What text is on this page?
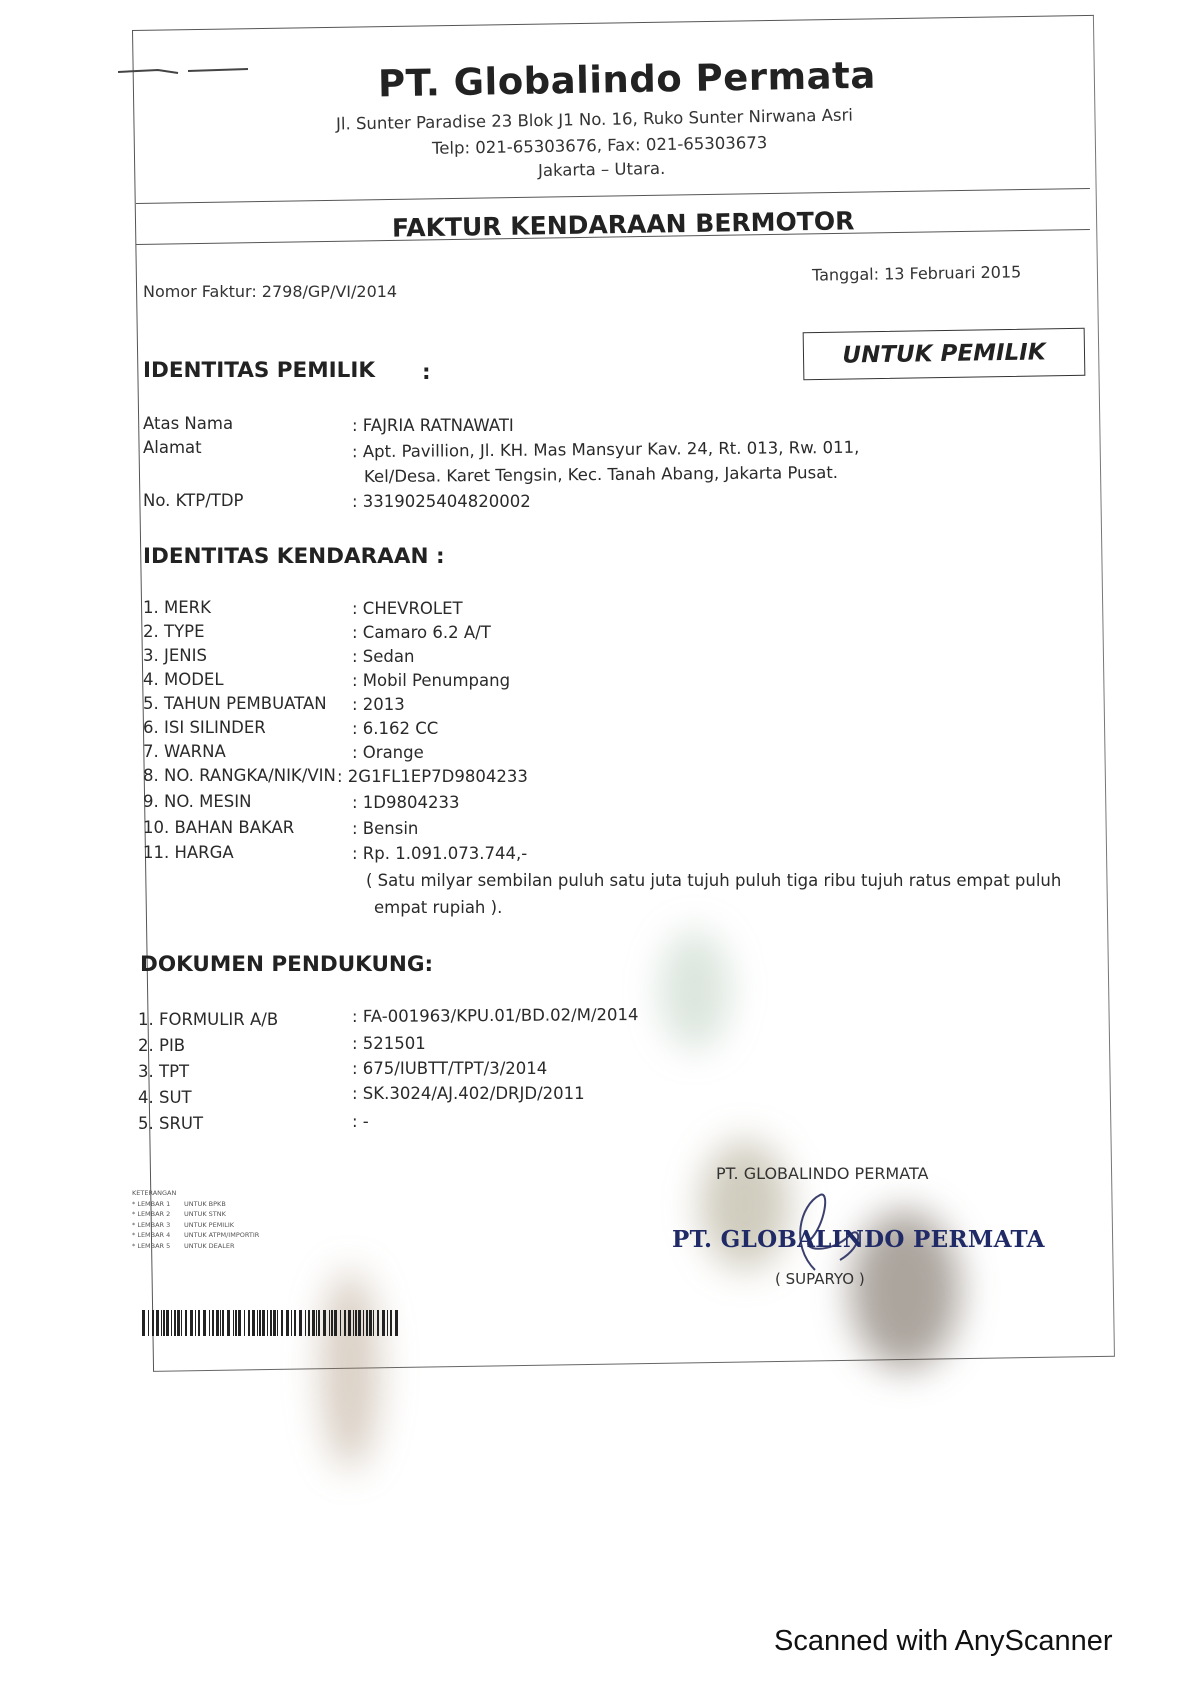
PT. Globalindo Permata
Jl. Sunter Paradise 23 Blok J1 No. 16, Ruko Sunter Nirwana Asri
Telp: 021-65303676, Fax: 021-65303673
Jakarta – Utara.
FAKTUR KENDARAAN BERMOTOR
Nomor Faktur: 2798/GP/VI/2014
Tanggal: 13 Februari 2015
UNTUK PEMILIK
IDENTITAS PEMILIK :
Atas Nama	: FAJRIA RATNAWATI
Alamat	: Apt. Pavillion, Jl. KH. Mas Mansyur Kav. 24, Rt. 013, Rw. 011,
Kel/Desa. Karet Tengsin, Kec. Tanah Abang, Jakarta Pusat.
No. KTP/TDP	: 3319025404820002
IDENTITAS KENDARAAN :
1. MERK	: CHEVROLET
2. TYPE	: Camaro 6.2 A/T
3. JENIS	: Sedan
4. MODEL	: Mobil Penumpang
5. TAHUN PEMBUATAN : 2013
6. ISI SILINDER	: 6.162 CC
7. WARNA	: Orange
8. NO. RANGKA/NIK/VIN : 2G1FL1EP7D9804233
9. NO. MESIN	: 1D9804233
10. BAHAN BAKAR	: Bensin
11. HARGA	: Rp. 1.091.073.744,-
( Satu milyar sembilan puluh satu juta tujuh puluh tiga ribu tujuh ratus empat puluh
empat rupiah ).
DOKUMEN PENDUKUNG:
1. FORMULIR A/B	: FA-001963/KPU.01/BD.02/M/2014
2. PIB	: 521501
3. TPT	: 675/IUBTT/TPT/3/2014
4. SUT	: SK.3024/AJ.402/DRJD/2011
5. SRUT	: -
KETERANGAN
* LEMBAR 1 UNTUK BPKB
* LEMBAR 2 UNTUK STNK
* LEMBAR 3 UNTUK PEMILIK
* LEMBAR 4 UNTUK ATPM/IMPORTIR
* LEMBAR 5 UNTUK DEALER
PT. GLOBALINDO PERMATA
PT. GLOBALINDO PERMATA
( SUPARYO )
Scanned with AnyScanner
